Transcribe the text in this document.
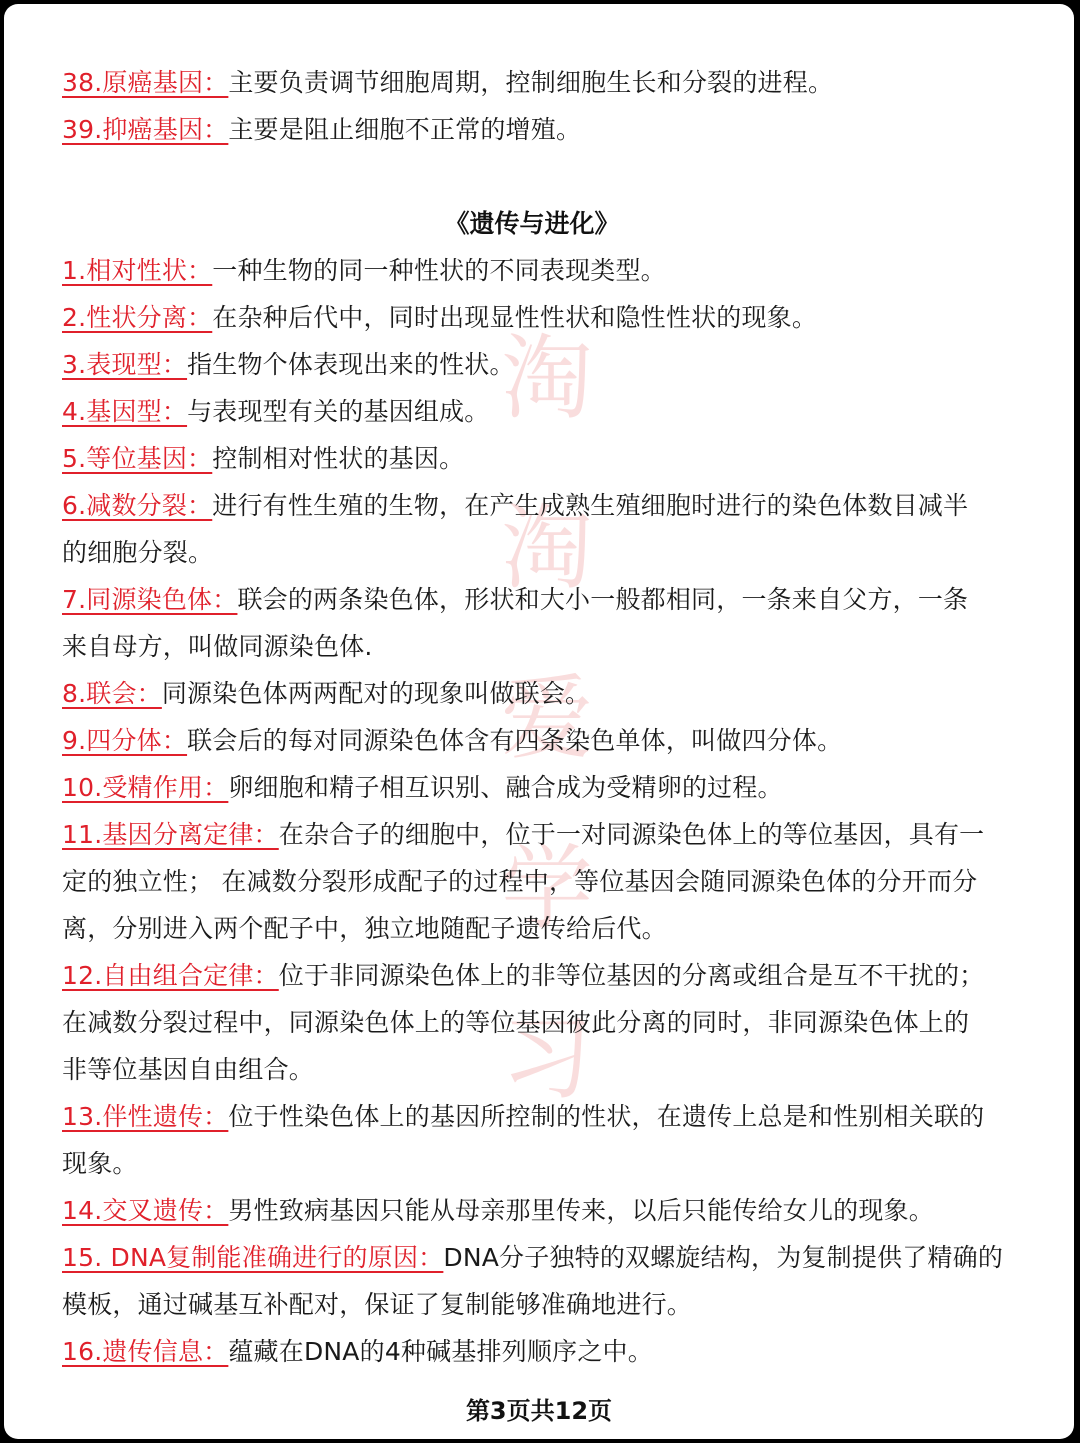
淘
淘
爱
学
习
38.原癌基因：主要负责调节细胞周期，控制细胞生长和分裂的进程。
39.抑癌基因：主要是阻止细胞不正常的增殖。
《遗传与进化》
1.相对性状：一种生物的同一种性状的不同表现类型。
2.性状分离：在杂种后代中，同时出现显性性状和隐性性状的现象。
3.表现型：指生物个体表现出来的性状。
4.基因型：与表现型有关的基因组成。
5.等位基因：控制相对性状的基因。
6.减数分裂：进行有性生殖的生物，在产生成熟生殖细胞时进行的染色体数目减半
的细胞分裂。
7.同源染色体：联会的两条染色体，形状和大小一般都相同，一条来自父方，一条
来自母方，叫做同源染色体.
8.联会：同源染色体两两配对的现象叫做联会。
9.四分体：联会后的每对同源染色体含有四条染色单体，叫做四分体。
10.受精作用：卵细胞和精子相互识别、融合成为受精卵的过程。
11.基因分离定律：在杂合子的细胞中，位于一对同源染色体上的等位基因，具有一
定的独立性； 在减数分裂形成配子的过程中，等位基因会随同源染色体的分开而分
离，分别进入两个配子中，独立地随配子遗传给后代。
12.自由组合定律：位于非同源染色体上的非等位基因的分离或组合是互不干扰的；
在减数分裂过程中，同源染色体上的等位基因彼此分离的同时，非同源染色体上的
非等位基因自由组合。
13.伴性遗传：位于性染色体上的基因所控制的性状，在遗传上总是和性别相关联的
现象。
14.交叉遗传：男性致病基因只能从母亲那里传来，以后只能传给女儿的现象。
15. DNA复制能准确进行的原因：DNA分子独特的双螺旋结构，为复制提供了精确的
模板，通过碱基互补配对，保证了复制能够准确地进行。
16.遗传信息：蕴藏在DNA的4种碱基排列顺序之中。
第3页共12页
